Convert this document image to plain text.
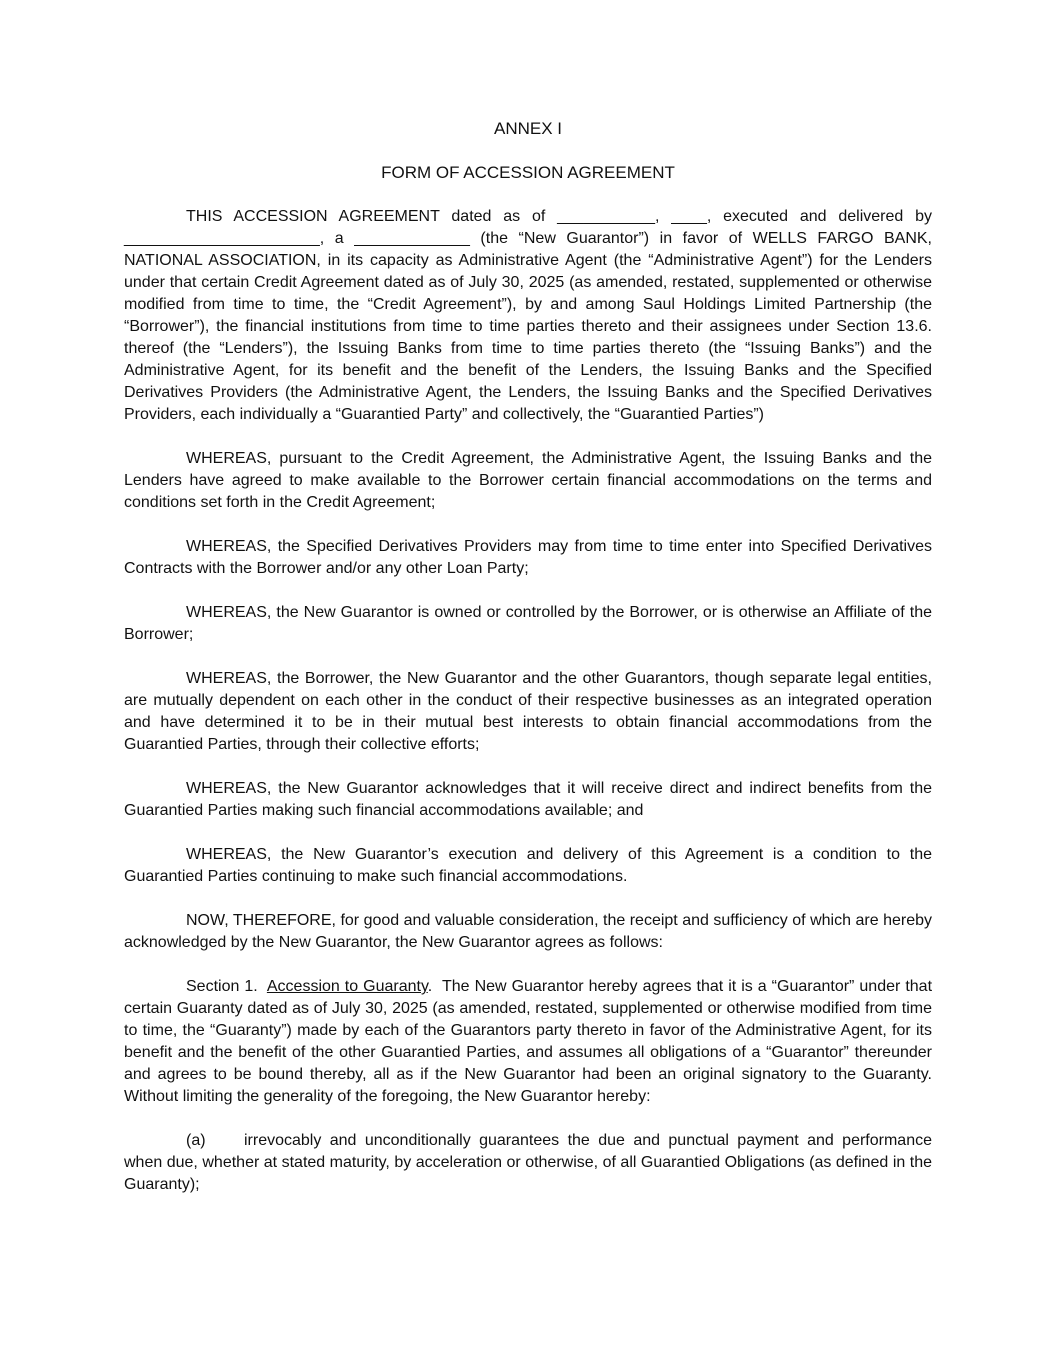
ANNEX I

FORM OF ACCESSION AGREEMENT

THIS ACCESSION AGREEMENT dated as of ___________, ____, executed and delivered by ______________________, a _____________ (the “New Guarantor”) in favor of WELLS FARGO BANK, NATIONAL ASSOCIATION, in its capacity as Administrative Agent (the “Administrative Agent”) for the Lenders under that certain Credit Agreement dated as of July 30, 2025 (as amended, restated, supplemented or otherwise modified from time to time, the “Credit Agreement”), by and among Saul Holdings Limited Partnership (the “Borrower”), the financial institutions from time to time parties thereto and their assignees under Section 13.6. thereof (the “Lenders”), the Issuing Banks from time to time parties thereto (the “Issuing Banks”) and the Administrative Agent, for its benefit and the benefit of the Lenders, the Issuing Banks and the Specified Derivatives Providers (the Administrative Agent, the Lenders, the Issuing Banks and the Specified Derivatives Providers, each individually a “Guarantied Party” and collectively, the “Guarantied Parties”)

WHEREAS, pursuant to the Credit Agreement, the Administrative Agent, the Issuing Banks and the Lenders have agreed to make available to the Borrower certain financial accommodations on the terms and conditions set forth in the Credit Agreement;

WHEREAS, the Specified Derivatives Providers may from time to time enter into Specified Derivatives Contracts with the Borrower and/or any other Loan Party;

WHEREAS, the New Guarantor is owned or controlled by the Borrower, or is otherwise an Affiliate of the Borrower;

WHEREAS, the Borrower, the New Guarantor and the other Guarantors, though separate legal entities, are mutually dependent on each other in the conduct of their respective businesses as an integrated operation and have determined it to be in their mutual best interests to obtain financial accommodations from the Guarantied Parties, through their collective efforts;

WHEREAS, the New Guarantor acknowledges that it will receive direct and indirect benefits from the Guarantied Parties making such financial accommodations available; and

WHEREAS, the New Guarantor’s execution and delivery of this Agreement is a condition to the Guarantied Parties continuing to make such financial accommodations.

NOW, THEREFORE, for good and valuable consideration, the receipt and sufficiency of which are hereby acknowledged by the New Guarantor, the New Guarantor agrees as follows:

Section 1. Accession to Guaranty.  The New Guarantor hereby agrees that it is a “Guarantor” under that certain Guaranty dated as of July 30, 2025 (as amended, restated, supplemented or otherwise modified from time to time, the “Guaranty”) made by each of the Guarantors party thereto in favor of the Administrative Agent, for its benefit and the benefit of the other Guarantied Parties, and assumes all obligations of a “Guarantor” thereunder and agrees to be bound thereby, all as if the New Guarantor had been an original signatory to the Guaranty. Without limiting the generality of the foregoing, the New Guarantor hereby:

(a) irrevocably and unconditionally guarantees the due and punctual payment and performance when due, whether at stated maturity, by acceleration or otherwise, of all Guarantied Obligations (as defined in the Guaranty);
